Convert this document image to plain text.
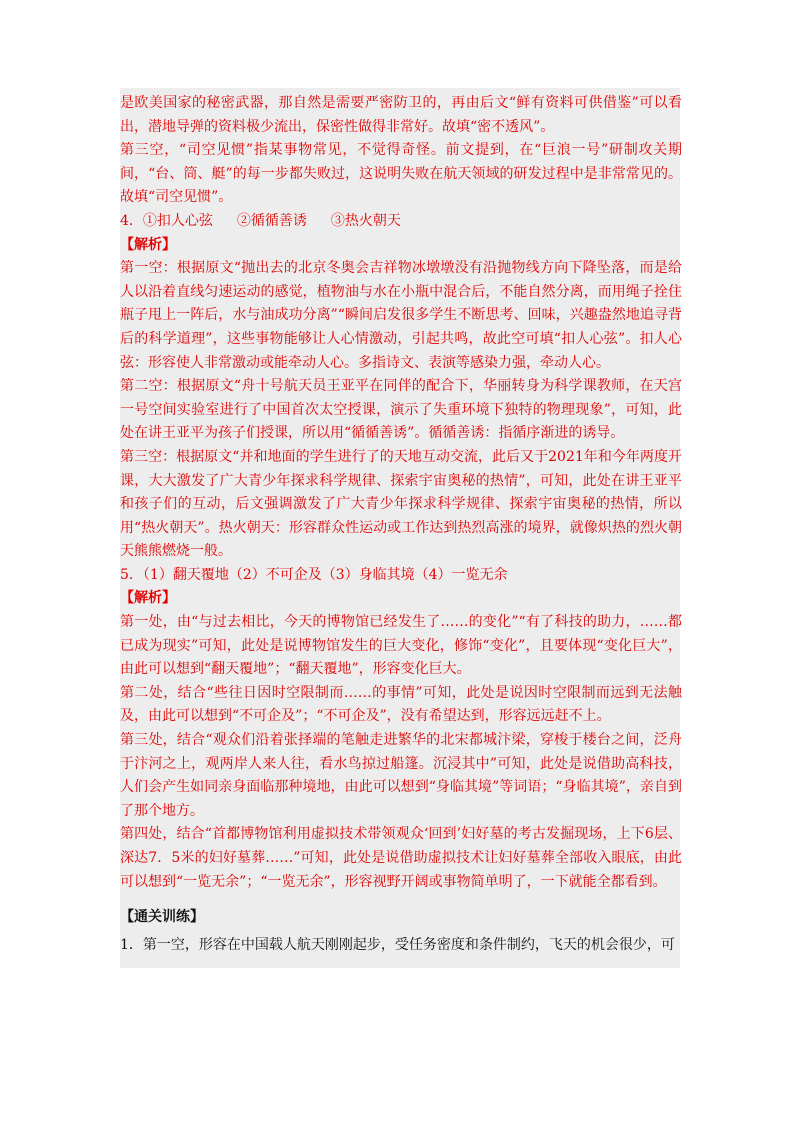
是欧美国家的秘密武器，那自然是需要严密防卫的，再由后文“鲜有资料可供借鉴”可以看出，潜地导弹的资料极少流出，保密性做得非常好。故填“密不透风”。

第三空，“司空见惯”指某事物常见，不觉得奇怪。前文提到，在“巨浪一号”研制攻关期间，“台、筒、艇”的每一步都失败过，这说明失败在航天领域的研发过程中是非常常见的。故填“司空见惯”。

4．①扣人心弦 ②循循善诱 ③热火朝天

【解析】

第一空：根据原文“抛出去的北京冬奥会吉祥物冰墩墩没有沿抛物线方向下降坠落，而是给人以沿着直线匀速运动的感觉，植物油与水在小瓶中混合后，不能自然分离，而用绳子拴住瓶子甩上一阵后，水与油成功分离”“瞬间启发很多学生不断思考、回味，兴趣盎然地追寻背后的科学道理”，这些事物能够让人心情激动，引起共鸣，故此空可填“扣人心弦”。扣人心弦：形容使人非常激动或能牵动人心。多指诗文、表演等感染力强，牵动人心。

第二空：根据原文“舟十号航天员王亚平在同伴的配合下，华丽转身为科学课教师，在天宫一号空间实验室进行了中国首次太空授课，演示了失重环境下独特的物理现象”，可知，此处在讲王亚平为孩子们授课，所以用“循循善诱”。循循善诱：指循序渐进的诱导。

第三空：根据原文“并和地面的学生进行了的天地互动交流，此后又于2021年和今年两度开课，大大激发了广大青少年探求科学规律、探索宇宙奥秘的热情”，可知，此处在讲王亚平和孩子们的互动，后文强调激发了广大青少年探求科学规律、探索宇宙奥秘的热情，所以用“热火朝天”。热火朝天：形容群众性运动或工作达到热烈高涨的境界，就像炽热的烈火朝天熊熊燃烧一般。

5．（1）翻天覆地（2）不可企及（3）身临其境（4）一览无余

【解析】

第一处，由“与过去相比，今天的博物馆已经发生了……的变化”“有了科技的助力，……都已成为现实”可知，此处是说博物馆发生的巨大变化，修饰“变化”，且要体现“变化巨大”，由此可以想到“翻天覆地”；“翻天覆地”，形容变化巨大。

第二处，结合“些往日因时空限制而……的事情”可知，此处是说因时空限制而远到无法触及，由此可以想到“不可企及”；“不可企及”，没有希望达到，形容远远赶不上。

第三处，结合“观众们沿着张择端的笔触走进繁华的北宋都城汴梁，穿梭于楼台之间，泛舟于汴河之上，观两岸人来人往，看水鸟掠过船篷。沉浸其中”可知，此处是说借助高科技，人们会产生如同亲身面临那种境地，由此可以想到“身临其境”等词语；“身临其境”，亲自到了那个地方。

第四处，结合“首都博物馆利用虚拟技术带领观众‘回到’妇好墓的考古发掘现场，上下6层、深达7．5米的妇好墓葬……”可知，此处是说借助虚拟技术让妇好墓葬全部收入眼底，由此可以想到“一览无余”；“一览无余”，形容视野开阔或事物简单明了，一下就能全都看到。

【通关训练】

1．第一空，形容在中国载人航天刚刚起步，受任务密度和条件制约，飞天的机会很少，可
